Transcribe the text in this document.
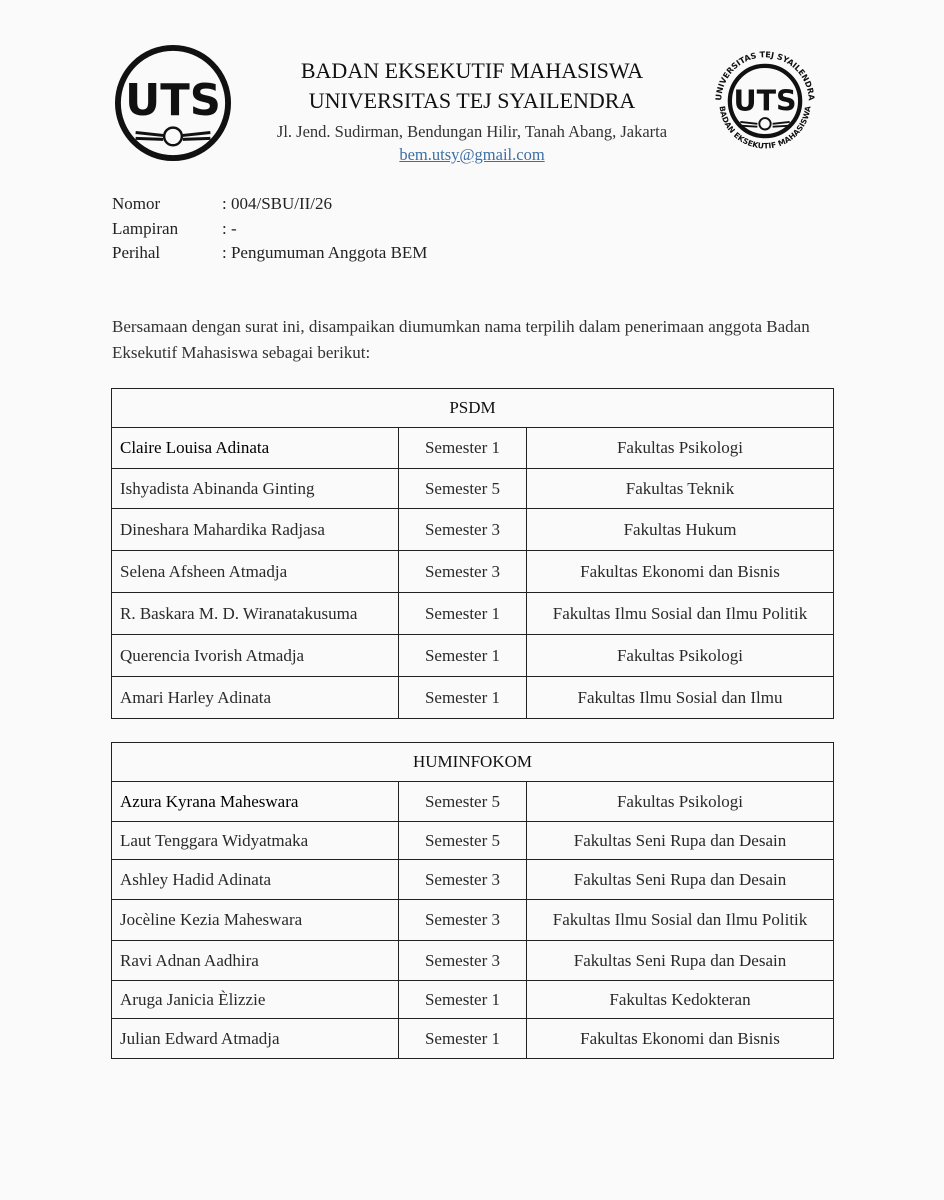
UTS
BADAN EKSEKUTIF MAHASISWA
UNIVERSITAS TEJ SYAILENDRA
Jl. Jend. Sudirman, Bendungan Hilir, Tanah Abang, Jakarta
bem.utsy@gmail.com
UNIVERSITAS TEJ SYAILENDRA
BADAN EKSEKUTIF MAHASISWA
UTS
Nomor	: 004/SBU/II/26
Lampiran	: -
Perihal	: Pengumuman Anggota BEM
Bersamaan dengan surat ini, disampaikan diumumkan nama terpilih dalam penerimaan anggota Badan Eksekutif Mahasiswa sebagai berikut:
PSDM		
Claire Louisa Adinata	Semester 1	Fakultas Psikologi
Ishyadista Abinanda Ginting	Semester 5	Fakultas Teknik
Dineshara Mahardika Radjasa	Semester 3	Fakultas Hukum
Selena Afsheen Atmadja	Semester 3	Fakultas Ekonomi dan Bisnis
R. Baskara M. D. Wiranatakusuma	Semester 1	Fakultas Ilmu Sosial dan Ilmu Politik
Querencia Ivorish Atmadja	Semester 1	Fakultas Psikologi
Amari Harley Adinata	Semester 1	Fakultas Ilmu Sosial dan Ilmu
HUMINFOKOM		
Azura Kyrana Maheswara	Semester 5	Fakultas Psikologi
Laut Tenggara Widyatmaka	Semester 5	Fakultas Seni Rupa dan Desain
Ashley Hadid Adinata	Semester 3	Fakultas Seni Rupa dan Desain
Jocèline Kezia Maheswara	Semester 3	Fakultas Ilmu Sosial dan Ilmu Politik
Ravi Adnan Aadhira	Semester 3	Fakultas Seni Rupa dan Desain
Aruga Janicia Èlizzie	Semester 1	Fakultas Kedokteran
Julian Edward Atmadja	Semester 1	Fakultas Ekonomi dan Bisnis
